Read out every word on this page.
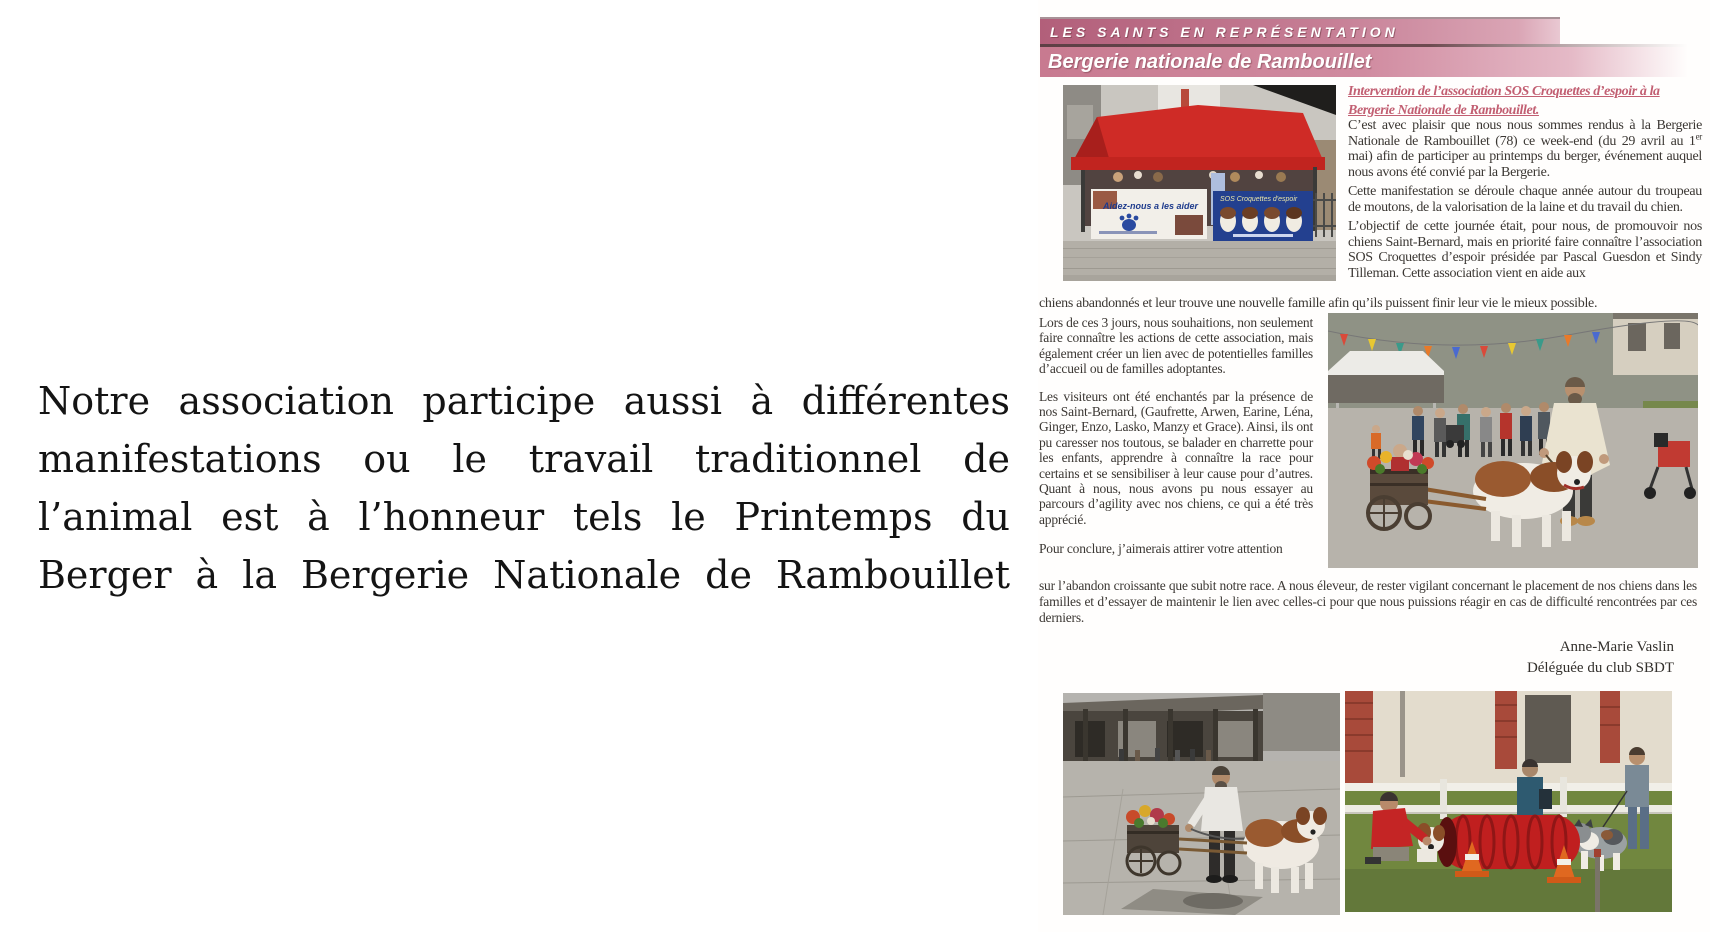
Notre association participe aussi à différentes
manifestations ou le travail traditionnel de
l’animal est à l’honneur tels le Printemps du
Berger à la Bergerie Nationale de Rambouillet
LES SAINTS EN REPRÉSENTATION
Bergerie nationale de Rambouillet
Aidez-nous a les aider
SOS Croquettes d'espoir
Intervention de l’association SOS Croquettes d’espoir à la
Bergerie Nationale de Rambouillet.

C’est avec plaisir que nous nous sommes rendus à la Bergerie Nationale de Rambouillet (78) ce week-end (du 29 avril au 1er mai) afin de participer au printemps du berger, événement auquel nous avons été convié par la Bergerie.

Cette manifestation se déroule chaque année autour du troupeau de moutons, de la valorisation de la laine et du travail du chien.

L’objectif de cette journée était, pour nous, de promouvoir nos chiens Saint-Bernard, mais en priorité faire connaître l’association SOS Croquettes d’espoir présidée par Pascal Guesdon et Sindy Tilleman. Cette association vient en aide aux

chiens abandonnés et leur trouve une nouvelle famille afin qu’ils puissent finir leur vie le mieux possible.

Lors de ces 3 jours, nous souhaitions, non seulement faire connaître les actions de cette association, mais également créer un lien avec de potentielles familles d’accueil ou de familles adoptantes.

Les visiteurs ont été enchantés par la présence de nos Saint-Bernard, (Gaufrette, Arwen, Earine, Léna, Ginger, Enzo, Lasko, Manzy et Grace). Ainsi, ils ont pu caresser nos toutous, se balader en charrette pour les enfants, apprendre à connaître la race pour certains et se sensibiliser à leur cause pour d’autres. Quant à nous, nous avons pu nous essayer au parcours d’agility avec nos chiens, ce qui a été très apprécié.

Pour conclure, j’aimerais attirer votre attention

sur l’abandon croissante que subit notre race. A nous éleveur, de rester vigilant concernant le placement de nos chiens dans les familles et d’essayer de maintenir le lien avec celles-ci pour que nous puissions réagir en cas de difficulté rencontrées par ces derniers.
Anne-Marie Vaslin
Déléguée du club SBDT
